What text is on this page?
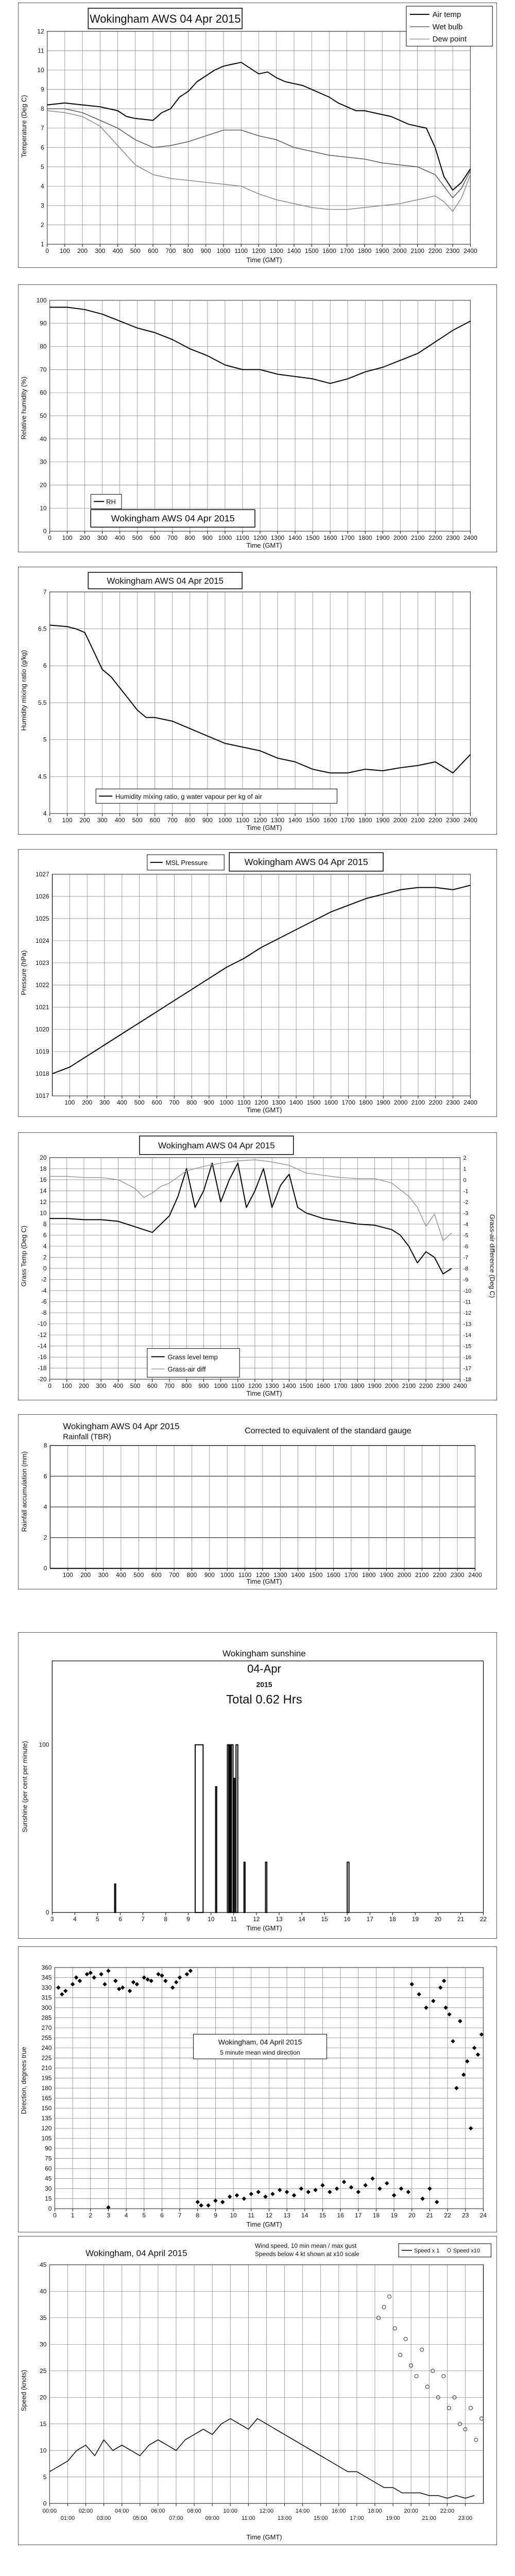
1
2
3
4
5
6
7
8
9
10
11
12
0 100 200 300 400 500 600 700 800 900 1000 1100 1200 1300 1400 1500 1600 1700 1800 1900 2000 2100 2200 2300 2400
Wokingham AWS 04 Apr 2015	Air temp
Wet bulb
Dew point
Time (GMT)
Temperature (Deg C)
0
10
20
30
40
50
60
70
80
90
100
0 100 200 300 400 500 600 700 800 900 1000 1100 1200 1300 1400 1500 1600 1700 1800 1900 2000 2100 2200 2300 2400
RH
Wokingham AWS 04 Apr 2015
Time (GMT)
Relative humidity (%)
4
4.5
5
5.5
6
6.5
7
0 100 200 300 400 500 600 700 800 900 1000 1100 1200 1300 1400 1500 1600 1700 1800 1900 2000 2100 2200 2300 2400
Wokingham AWS 04 Apr 2015
Humidity mixing ratio, g water vapour per kg of air
Time (GMT)
Humidity mixing ratio (g/kg)
1017
1018
1019
1020
1021
1022
1023
1024
1025
1026
1027
100 200 300 400 500 600 700 800 900 1000 1100 1200 1300 1400 1500 1600 1700 1800 1900 2000 2100 2200 2300 2400
MSL Pressure	Wokingham AWS 04 Apr 2015
Time (GMT)
Pressure (hPa)
-20
-18
-16
-14
-12
-10
-8
-6
-4
-2
0
2
4
6
8
10
12
14
16
18
20
0 100 200 300 400 500 600 700 800 900 1000 1100 1200 1300 1400 1500 1600 1700 1800 1900 2000 2100 2200 2300 2400
-18
-17
-16
-15
-14
-13
-12
-11
-10
-9
-8
-7
-6
-5
-4
-3
-2
-1
0
1
2
Wokingham AWS 04 Apr 2015
Grass level temp
Grass-air diff
Time (GMT)
Grass Temp (Deg C)	Grass-air difference (Deg C)
0
2
4
6
8
100 200 300 400 500 600 700 800 900 1000 1100 1200 1300 1400 1500 1600 1700 1800 1900 2000 2100 2200 2300 2400
Wokingham AWS 04 Apr 2015
Rainfall (TBR)
Corrected to equivalent of the standard gauge
Time (GMT)
Rainfall accumulation (mm)
0
100
3	4	5	6	7	8	9	10	11	12	13	14	15	16	17	18	19	20	21	22
Wokingham sunshine
04-Apr
2015
Total 0.62 Hrs
Time (GMT)
Sunshine (per cent per minute)
0
15
30
45
60
75
90
105
120
135
150
165
180
195
210
225
240
255
270
285
300
315
330
345
360
0 1 2 3 4 5 6 7 8 9 10 11 12 13 14 15 16 17 18 19 20 21 22 23 24
Wokingham, 04 April 2015
5 minute mean wind direction
Time (GMT)
Direction, degrees true
0
5
10
15
20
25
30
35
40
45
00:00
01:00
02:00
03:00
04:00
05:00
06:00
07:00
08:00
09:00
10:00
11:00
12:00
13:00
14:00
15:00
16:00
17:00
18:00
19:00
20:00
21:00
22:00
23:00
Wokingham, 04 April 2015
Wind speed, 10 min mean / max gust
Speeds below 4 kt shown at x10 scale	Speed x 1 Speed x10
Time (GMT)
Speed (knots)
